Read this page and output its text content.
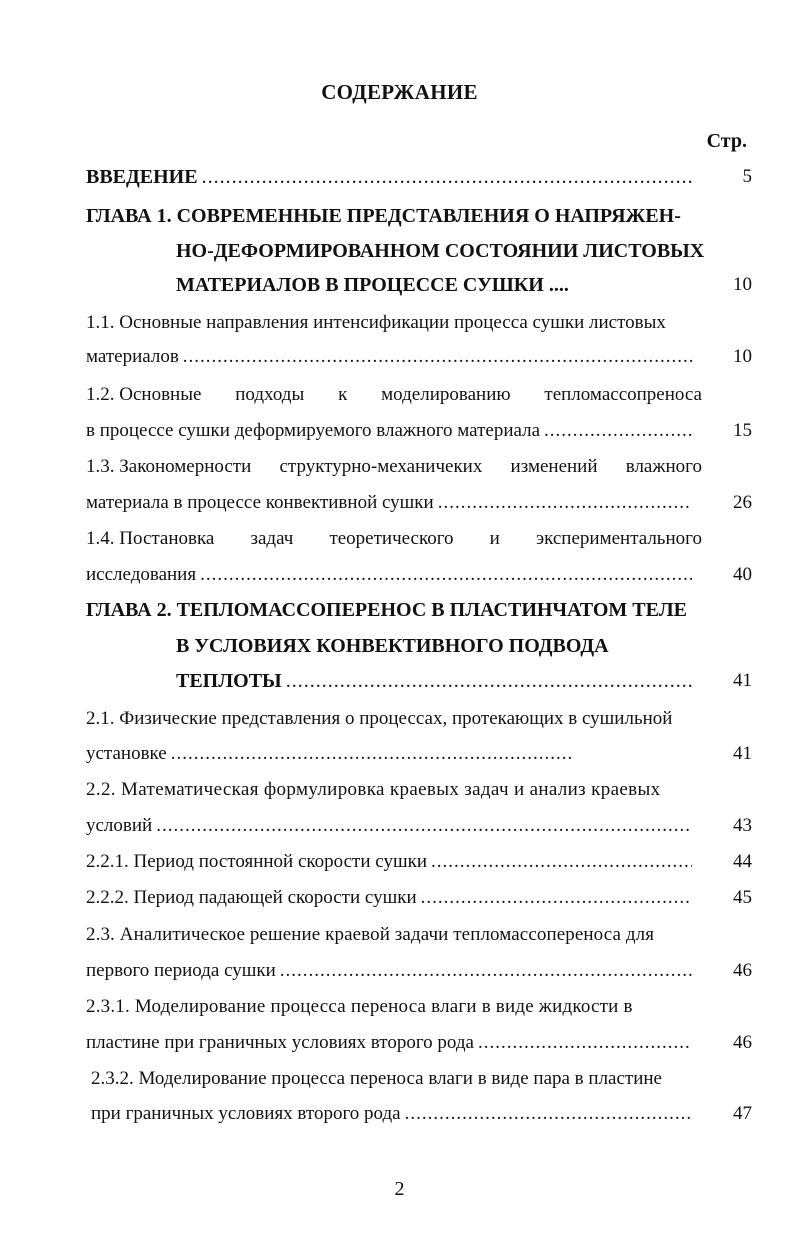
СОДЕРЖАНИЕ
Стр.
ВВЕДЕНИЕ .....	5
ГЛАВА 1. СОВРЕМЕННЫЕ ПРЕДСТАВЛЕНИЯ О НАПРЯЖЕН-
НО-ДЕФОРМИРОВАННОМ СОСТОЯНИИ ЛИСТОВЫХ
МАТЕРИАЛОВ В ПРОЦЕССЕ СУШКИ ....	10
1.1. Основные направления интенсификации процесса сушки листовых
материалов .....	10
1.2. Основные подходы к моделированию тепломассопреноса
в процессе сушки деформируемого влажного материала .....	15
1.3. Закономерности структурно-механичеких изменений влажного
материала в процессе конвективной сушки .....	26
1.4. Постановка задач теоретического и экспериментального
исследования .....	40
ГЛАВА 2. ТЕПЛОМАССОПЕРЕНОС В ПЛАСТИНЧАТОМ ТЕЛЕ
В УСЛОВИЯХ КОНВЕКТИВНОГО ПОДВОДА
ТЕПЛОТЫ .....	41
2.1. Физические представления о процессах, протекающих в сушильной
установке .....	41
2.2. Математическая формулировка краевых задач и анализ краевых
условий .....	43
2.2.1. Период постоянной скорости сушки .....	44
2.2.2. Период падающей скорости сушки .....	45
2.3. Аналитическое решение краевой задачи тепломассопереноса для
первого периода сушки .....	46
2.3.1. Моделирование процесса переноса влаги в виде жидкости в
пластине при граничных условиях второго рода .....	46
2.3.2. Моделирование процесса переноса влаги в виде пара в пластине
при граничных условиях второго рода .....	47
2
